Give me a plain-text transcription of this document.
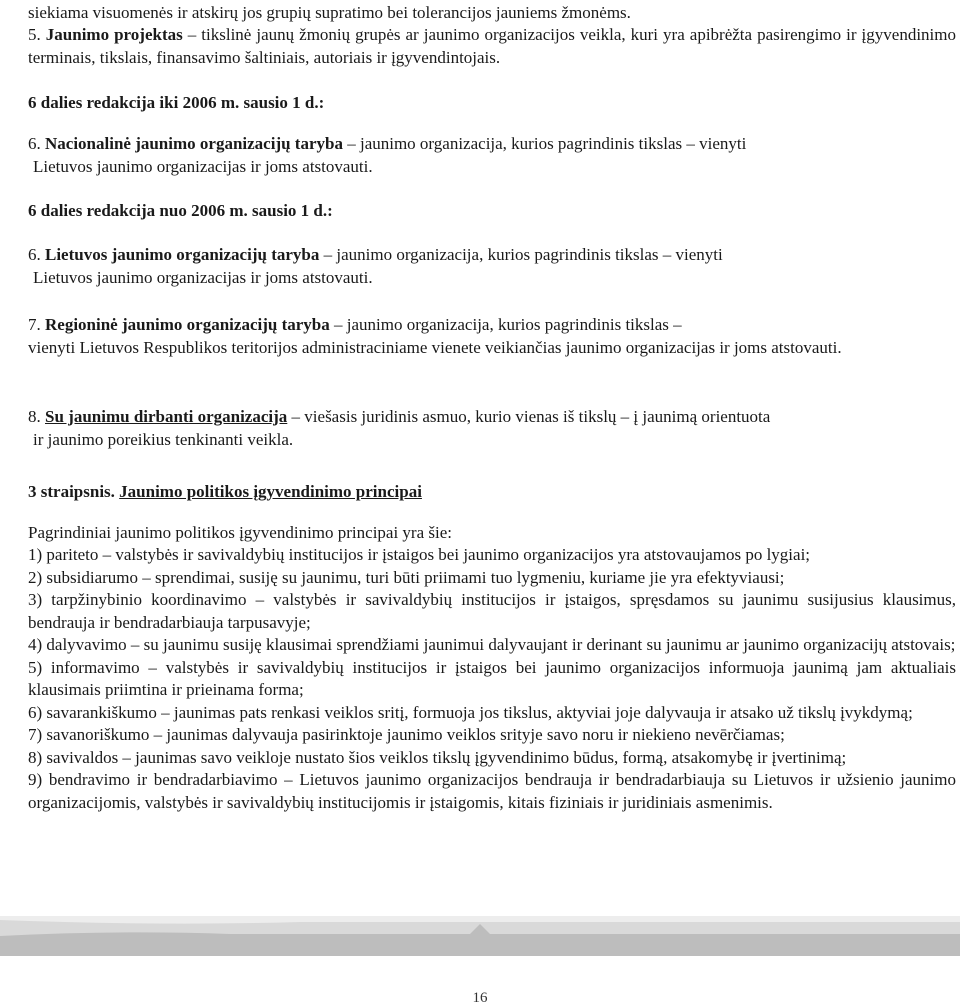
siekiama visuomenės ir atskirų jos grupių supratimo bei tolerancijos jauniems žmonėms.

5. Jaunimo projektas – tikslinė jaunų žmonių grupės ar jaunimo organizacijos veikla, kuri yra apibrėžta pasirengimo ir įgyvendinimo terminais, tikslais, finansavimo šaltiniais, autoriais ir įgyvendintojais.

6 dalies redakcija iki 2006 m. sausio 1 d.:

6. Nacionalinė jaunimo organizacijų taryba – jaunimo organizacija, kurios pagrindinis tikslas – vienyti
Lietuvos jaunimo organizacijas ir joms atstovauti.

6 dalies redakcija nuo 2006 m. sausio 1 d.:

6. Lietuvos jaunimo organizacijų taryba – jaunimo organizacija, kurios pagrindinis tikslas – vienyti
Lietuvos jaunimo organizacijas ir joms atstovauti.

7. Regioninė jaunimo organizacijų taryba – jaunimo organizacija, kurios pagrindinis tikslas –
vienyti Lietuvos Respublikos teritorijos administraciniame vienete veikiančias jaunimo organizacijas ir joms atstovauti.

8. Su jaunimu dirbanti organizacija – viešasis juridinis asmuo, kurio vienas iš tikslų – į jaunimą orientuota
ir jaunimo poreikius tenkinanti veikla.

3 straipsnis. Jaunimo politikos įgyvendinimo principai

Pagrindiniai jaunimo politikos įgyvendinimo principai yra šie:

1) pariteto – valstybės ir savivaldybių institucijos ir įstaigos bei jaunimo organizacijos yra atstovaujamos po lygiai;
2) subsidiarumo – sprendimai, susiję su jaunimu, turi būti priimami tuo lygmeniu, kuriame jie yra efektyviausi;
3) tarpžinybinio koordinavimo – valstybės ir savivaldybių institucijos ir įstaigos, spręsdamos su jaunimu susijusius klausimus, bendrauja ir bendradarbiauja tarpusavyje;
4) dalyvavimo – su jaunimu susiję klausimai sprendžiami jaunimui dalyvaujant ir derinant su jaunimu ar jaunimo organizacijų atstovais;
5) informavimo – valstybės ir savivaldybių institucijos ir įstaigos bei jaunimo organizacijos informuoja jaunimą jam aktualiais klausimais priimtina ir prieinama forma;
6) savarankiškumo – jaunimas pats renkasi veiklos sritį, formuoja jos tikslus, aktyviai joje dalyvauja ir atsako už tikslų įvykdymą;
7) savanoriškumo – jaunimas dalyvauja pasirinktoje jaunimo veiklos srityje savo noru ir niekieno nevērčiamas;
8) savivaldos – jaunimas savo veikloje nustato šios veiklos tikslų įgyvendinimo būdus, formą, atsakomybę ir įvertinimą;
9) bendravimo ir bendradarbiavimo – Lietuvos jaunimo organizacijos bendrauja ir bendradarbiauja su Lietuvos ir užsienio jaunimo organizacijomis, valstybės ir savivaldybių institucijomis ir įstaigomis, kitais fiziniais ir juridiniais asmenimis.
16
